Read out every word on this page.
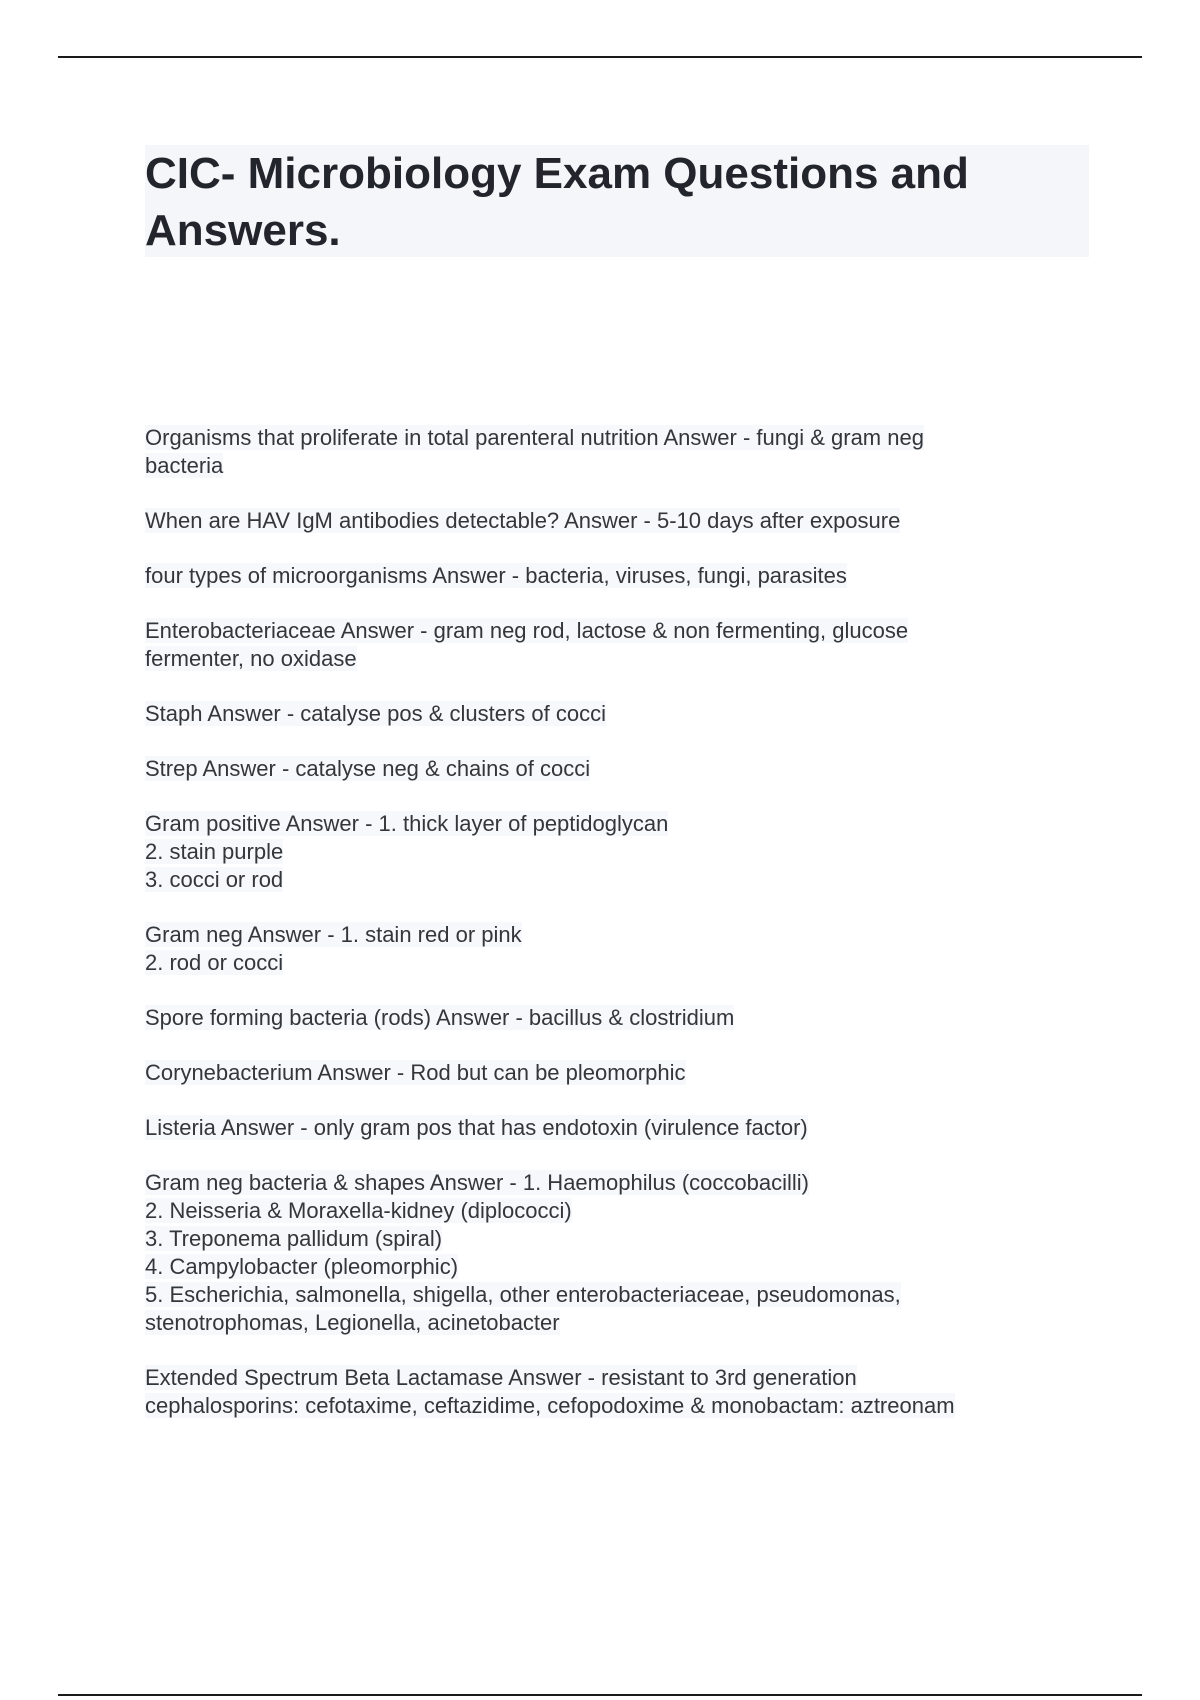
CIC- Microbiology Exam Questions and
Answers.

Organisms that proliferate in total parenteral nutrition Answer - fungi & gram neg
bacteria

When are HAV IgM antibodies detectable? Answer - 5-10 days after exposure

four types of microorganisms Answer - bacteria, viruses, fungi, parasites

Enterobacteriaceae Answer - gram neg rod, lactose & non fermenting, glucose
fermenter, no oxidase

Staph Answer - catalyse pos & clusters of cocci

Strep Answer - catalyse neg & chains of cocci

Gram positive Answer - 1. thick layer of peptidoglycan
2. stain purple
3. cocci or rod

Gram neg Answer - 1. stain red or pink
2. rod or cocci

Spore forming bacteria (rods) Answer - bacillus & clostridium

Corynebacterium Answer - Rod but can be pleomorphic

Listeria Answer - only gram pos that has endotoxin (virulence factor)

Gram neg bacteria & shapes Answer - 1. Haemophilus (coccobacilli)
2. Neisseria & Moraxella-kidney (diplococci)
3. Treponema pallidum (spiral)
4. Campylobacter (pleomorphic)
5. Escherichia, salmonella, shigella, other enterobacteriaceae, pseudomonas,
stenotrophomas, Legionella, acinetobacter

Extended Spectrum Beta Lactamase Answer - resistant to 3rd generation
cephalosporins: cefotaxime, ceftazidime, cefopodoxime & monobactam: aztreonam
